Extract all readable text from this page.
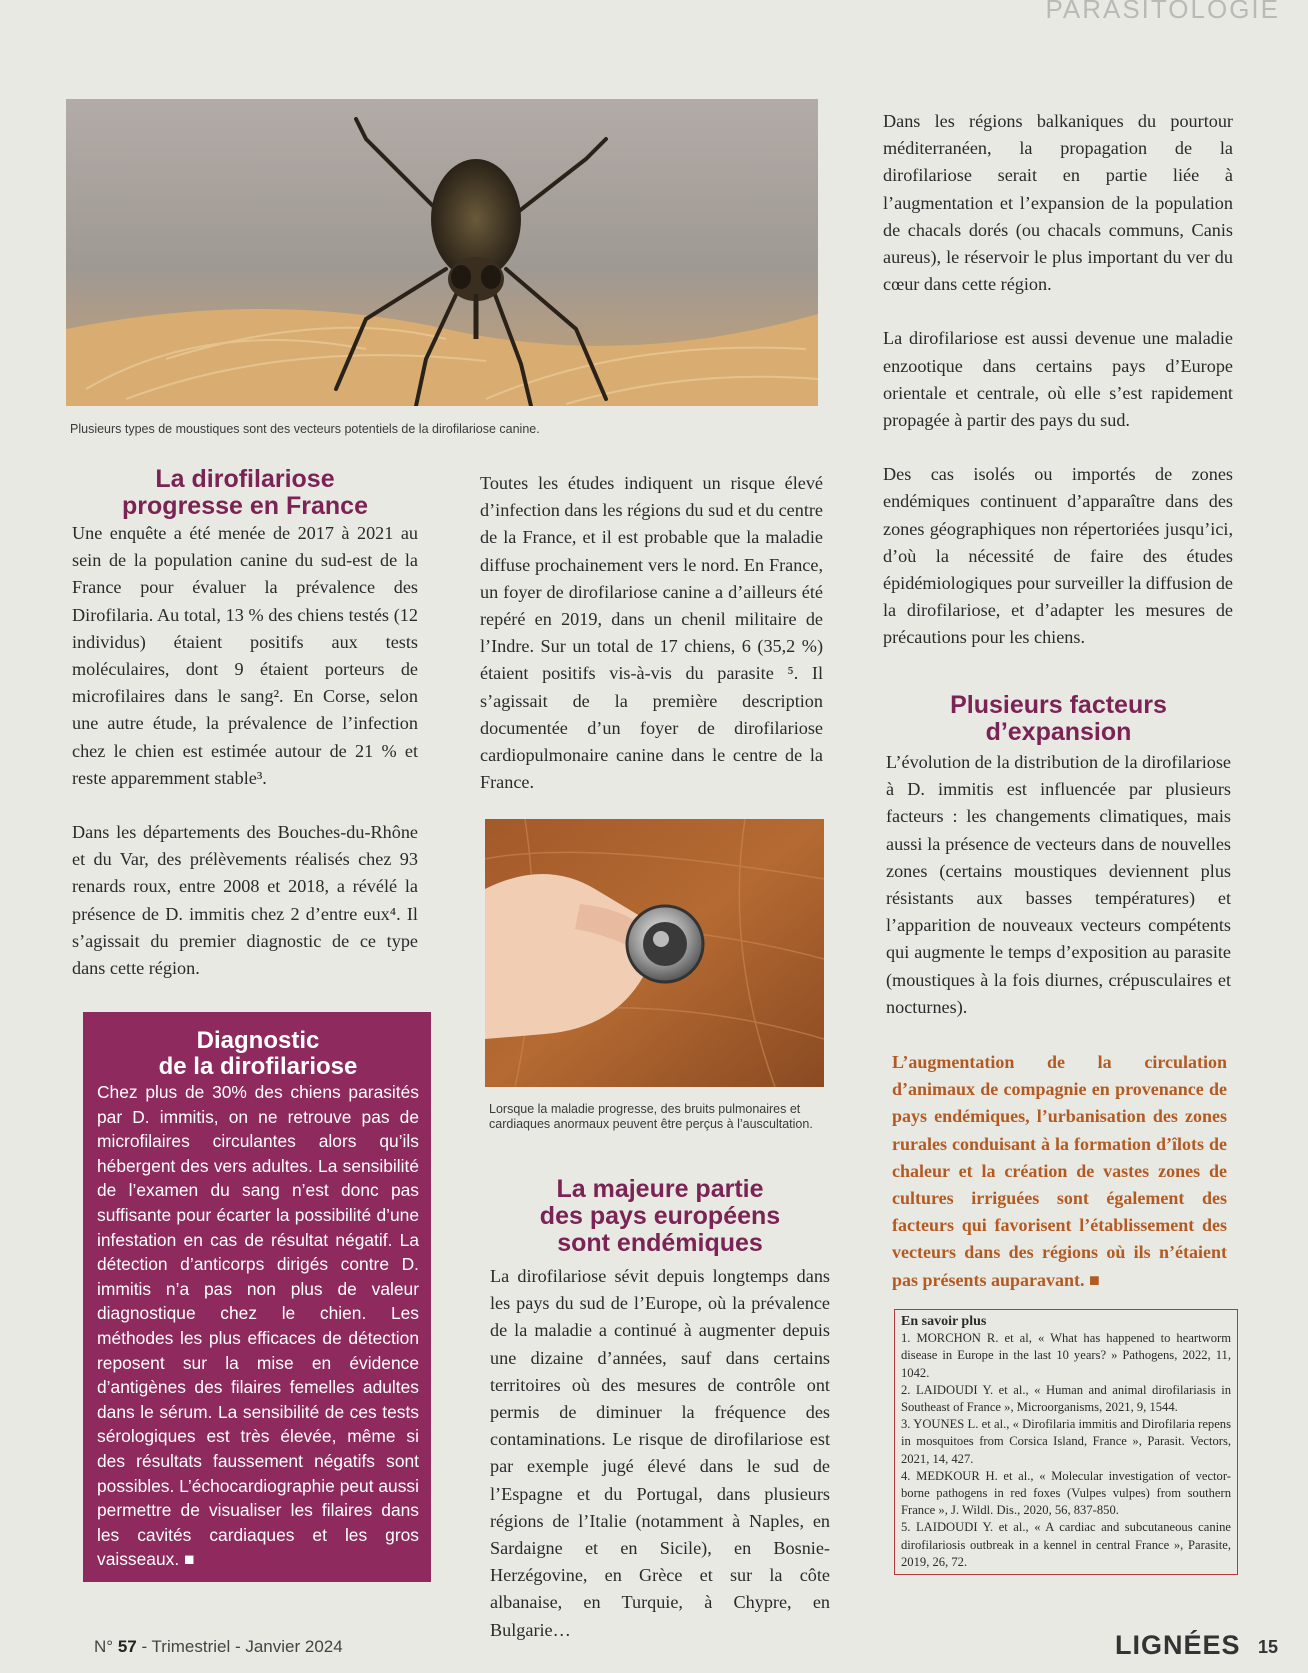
PARASITOLOGIE
Plusieurs types de moustiques sont des vecteurs potentiels de la dirofilariose canine.
La dirofilariose
progresse en France

Une enquête a été menée de 2017 à 2021 au sein de la population canine du sud-est de la France pour évaluer la prévalence des Dirofilaria. Au total, 13 % des chiens testés (12 individus) étaient positifs aux tests moléculaires, dont 9 étaient porteurs de microfilaires dans le sang². En Corse, selon une autre étude, la prévalence de l’infection chez le chien est estimée autour de 21 % et reste apparemment stable³.

Dans les départements des Bouches-du-Rhône et du Var, des prélèvements réalisés chez 93 renards roux, entre 2008 et 2018, a révélé la présence de D. immitis chez 2 d’entre eux⁴. Il s’agissait du premier diagnostic de ce type dans cette région.

Diagnostic
de la dirofilariose

Chez plus de 30% des chiens parasités par D. immitis, on ne retrouve pas de microfilaires circulantes alors qu’ils hébergent des vers adultes. La sensibilité de l’examen du sang n’est donc pas suffisante pour écarter la possibilité d’une infestation en cas de résultat négatif. La détection d’anticorps dirigés contre D. immitis n’a pas non plus de valeur diagnostique chez le chien. Les méthodes les plus efficaces de détection reposent sur la mise en évidence d’antigènes des filaires femelles adultes dans le sérum. La sensibilité de ces tests sérologiques est très élevée, même si des résultats faussement négatifs sont possibles. L’échocardiographie peut aussi permettre de visualiser les filaires dans les cavités cardiaques et les gros vaisseaux. ■

Toutes les études indiquent un risque élevé d’infection dans les régions du sud et du centre de la France, et il est probable que la maladie diffuse prochainement vers le nord. En France, un foyer de dirofilariose canine a d’ailleurs été repéré en 2019, dans un chenil militaire de l’Indre. Sur un total de 17 chiens, 6 (35,2 %) étaient positifs vis-à-vis du parasite ⁵. Il s’agissait de la première description documentée d’un foyer de dirofilariose cardiopulmonaire canine dans le centre de la France.
Lorsque la maladie progresse, des bruits pulmonaires et cardiaques anormaux peuvent être perçus à l’auscultation.
La majeure partie
des pays européens
sont endémiques
La dirofilariose sévit depuis longtemps dans les pays du sud de l’Europe, où la prévalence de la maladie a continué à augmenter depuis une dizaine d’années, sauf dans certains territoires où des mesures de contrôle ont permis de diminuer la fréquence des contaminations. Le risque de dirofilariose est par exemple jugé élevé dans le sud de l’Espagne et du Portugal, dans plusieurs régions de l’Italie (notamment à Naples, en Sardaigne et en Sicile), en Bosnie-Herzégovine, en Grèce et sur la côte albanaise, en Turquie, à Chypre, en Bulgarie…

Dans les régions balkaniques du pourtour méditerranéen, la propagation de la dirofilariose serait en partie liée à l’augmentation et l’expansion de la population de chacals dorés (ou chacals communs, Canis aureus), le réservoir le plus important du ver du cœur dans cette région.

La dirofilariose est aussi devenue une maladie enzootique dans certains pays d’Europe orientale et centrale, où elle s’est rapidement propagée à partir des pays du sud.

Des cas isolés ou importés de zones endémiques continuent d’apparaître dans des zones géographiques non répertoriées jusqu’ici, d’où la nécessité de faire des études épidémiologiques pour surveiller la diffusion de la dirofilariose, et d’adapter les mesures de précautions pour les chiens.

Plusieurs facteurs
d’expansion
L’évolution de la distribution de la dirofilariose à D. immitis est influencée par plusieurs facteurs : les changements climatiques, mais aussi la présence de vecteurs dans de nouvelles zones (certains moustiques deviennent plus résistants aux basses températures) et l’apparition de nouveaux vecteurs compétents qui augmente le temps d’exposition au parasite (moustiques à la fois diurnes, crépusculaires et nocturnes).
L’augmentation de la circulation d’animaux de compagnie en provenance de pays endémiques, l’urbanisation des zones rurales conduisant à la formation d’îlots de chaleur et la création de vastes zones de cultures irriguées sont également des facteurs qui favorisent l’établissement des vecteurs dans des régions où ils n’étaient pas présents auparavant. ■
En savoir plus
1. MORCHON R. et al, « What has happened to heartworm disease in Europe in the last 10 years? » Pathogens, 2022, 11, 1042.
2. LAIDOUDI Y. et al., « Human and animal dirofilariasis in Southeast of France », Microorganisms, 2021, 9, 1544.
3. YOUNES L. et al., « Dirofilaria immitis and Dirofilaria repens in mosquitoes from Corsica Island, France », Parasit. Vectors, 2021, 14, 427.
4. MEDKOUR H. et al., « Molecular investigation of vector-borne pathogens in red foxes (Vulpes vulpes) from southern France », J. Wildl. Dis., 2020, 56, 837-850.
5. LAIDOUDI Y. et al., « A cardiac and subcutaneous canine dirofilariosis outbreak in a kennel in central France », Parasite, 2019, 26, 72.
N° 57 - Trimestriel - Janvier 2024	LIGNÉES 15
